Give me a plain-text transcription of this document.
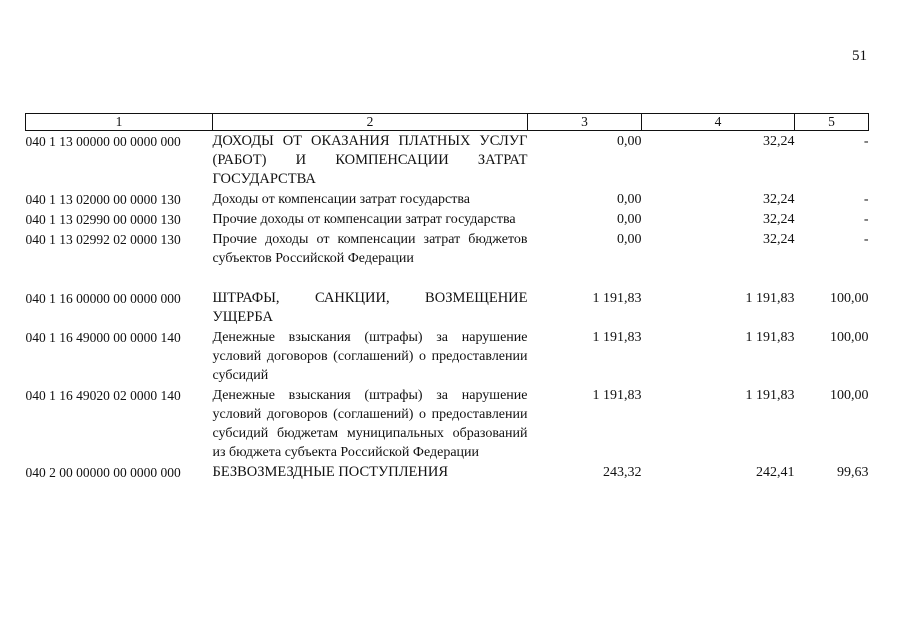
51
1	2	3	4	5
040 1 13 00000 00 0000 000	ДОХОДЫ ОТ ОКАЗАНИЯ ПЛАТНЫХ УСЛУГ (РАБОТ) И КОМПЕНСАЦИИ ЗАТРАТ ГОСУДАРСТВА	0,00	32,24	-
040 1 13 02000 00 0000 130	Доходы от компенсации затрат государства	0,00	32,24	-
040 1 13 02990 00 0000 130	Прочие доходы от компенсации затрат государства	0,00	32,24	-
040 1 13 02992 02 0000 130	Прочие доходы от компенсации затрат бюджетов субъектов Российской Федерации	0,00	32,24	-
040 1 16 00000 00 0000 000	ШТРАФЫ, САНКЦИИ, ВОЗМЕЩЕНИЕ УЩЕРБА	1 191,83	1 191,83	100,00
040 1 16 49000 00 0000 140	Денежные взыскания (штрафы) за нарушение условий договоров (соглашений) о предоставлении субсидий	1 191,83	1 191,83	100,00
040 1 16 49020 02 0000 140	Денежные взыскания (штрафы) за нарушение условий договоров (соглашений) о предоставлении субсидий бюджетам муниципальных образований из бюджета субъекта Российской Федерации	1 191,83	1 191,83	100,00
040 2 00 00000 00 0000 000	БЕЗВОЗМЕЗДНЫЕ ПОСТУПЛЕНИЯ	243,32	242,41	99,63
